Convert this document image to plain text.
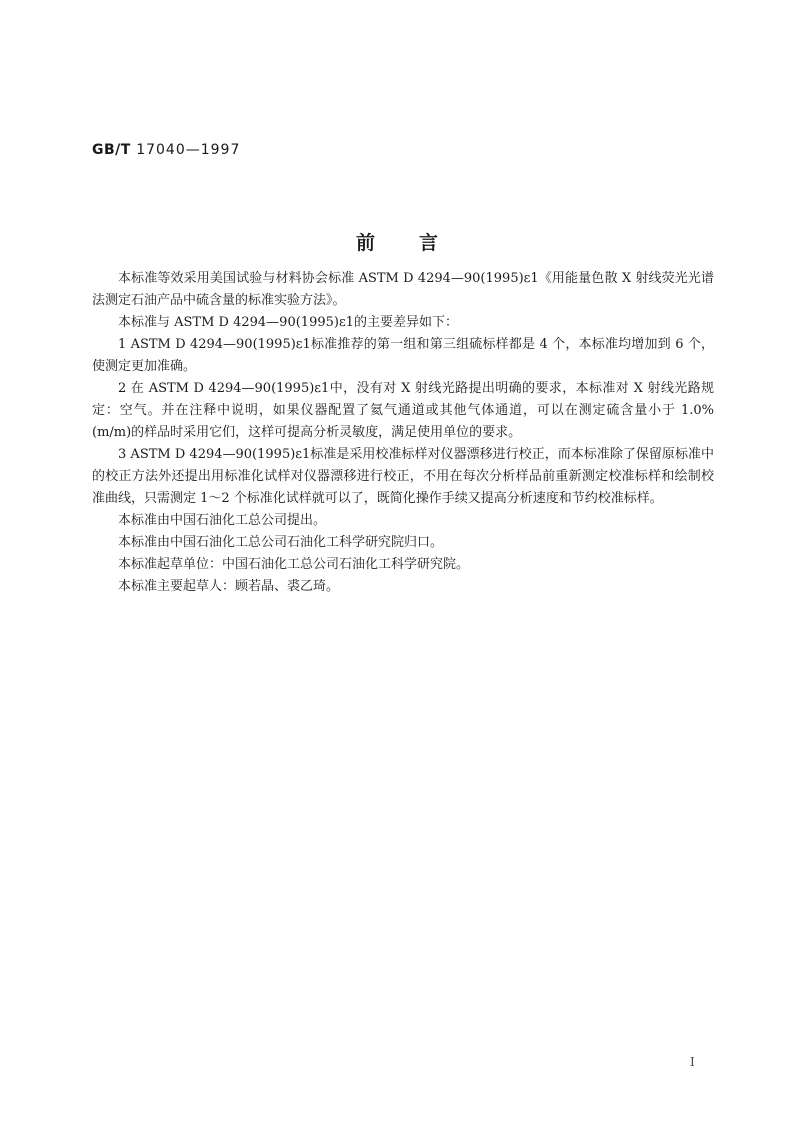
GB/T 17040—1997
前言

本标准等效采用美国试验与材料协会标准 ASTM D 4294—90(1995)ε1《用能量色散 X 射线荧光光谱法测定石油产品中硫含量的标准实验方法》。

本标准与 ASTM D 4294—90(1995)ε1的主要差异如下：

1 ASTM D 4294—90(1995)ε1标准推荐的第一组和第三组硫标样都是 4 个，本标准均增加到 6 个，使测定更加准确。

2 在 ASTM D 4294—90(1995)ε1中，没有对 X 射线光路提出明确的要求，本标准对 X 射线光路规定：空气。并在注释中说明，如果仪器配置了氦气通道或其他气体通道，可以在测定硫含量小于 1.0%(m/m)的样品时采用它们，这样可提高分析灵敏度，满足使用单位的要求。

3 ASTM D 4294—90(1995)ε1标准是采用校准标样对仪器漂移进行校正，而本标准除了保留原标准中的校正方法外还提出用标准化试样对仪器漂移进行校正，不用在每次分析样品前重新测定校准标样和绘制校准曲线，只需测定 1～2 个标准化试样就可以了，既简化操作手续又提高分析速度和节约校准标样。

本标准由中国石油化工总公司提出。

本标准由中国石油化工总公司石油化工科学研究院归口。

本标准起草单位：中国石油化工总公司石油化工科学研究院。

本标准主要起草人：顾若晶、裘乙琦。

I
